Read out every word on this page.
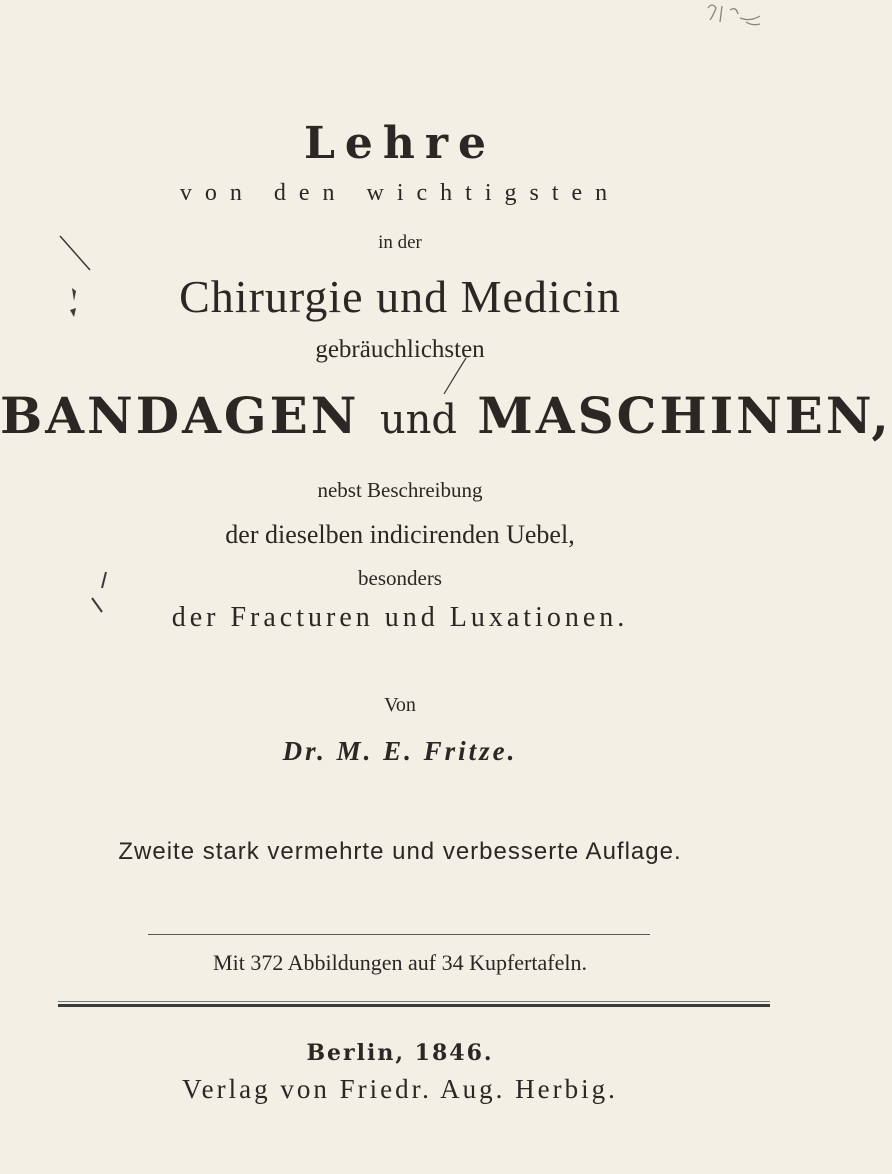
Lehre
von den wichtigsten
in der
Chirurgie und Medicin
gebräuchlichsten
BANDAGEN und MASCHINEN,
nebst Beschreibung
der dieselben indicirenden Uebel,
besonders
der Fracturen und Luxationen.
Von
Dr. M. E. Fritze.
Zweite stark vermehrte und verbesserte Auflage.
Mit 372 Abbildungen auf 34 Kupfertafeln.
Berlin, 1846.
Verlag von Friedr. Aug. Herbig.
